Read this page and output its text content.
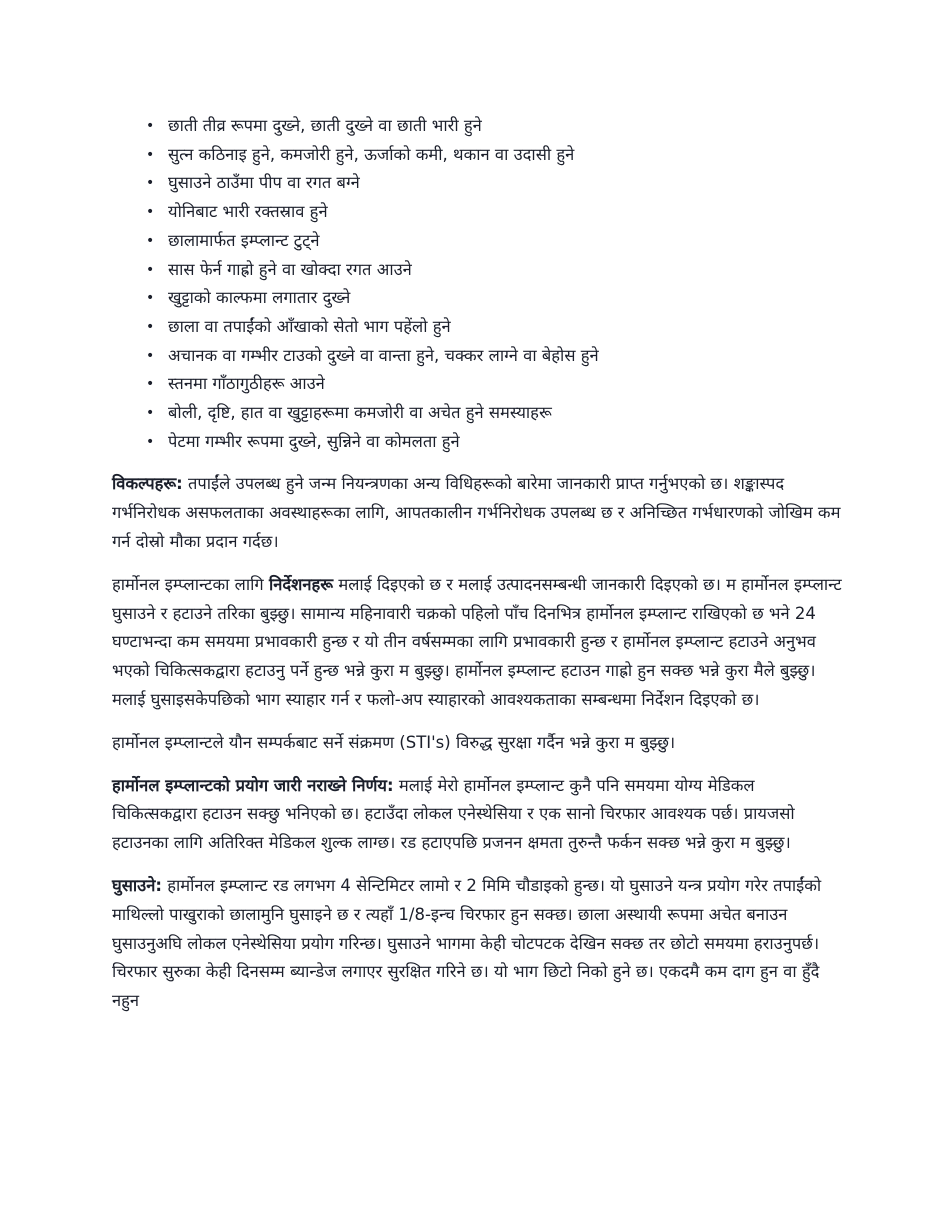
• छाती तीव्र रूपमा दुख्ने, छाती दुख्ने वा छाती भारी हुने
• सुत्न कठिनाइ हुने, कमजोरी हुने, ऊर्जाको कमी, थकान वा उदासी हुने
• घुसाउने ठाउँमा पीप वा रगत बग्ने
• योनिबाट भारी रक्तस्राव हुने
• छालामार्फत इम्प्लान्ट टुट्ने
• सास फेर्न गाह्रो हुने वा खोक्दा रगत आउने
• खुट्टाको काल्फमा लगातार दुख्ने
• छाला वा तपाईंको आँखाको सेतो भाग पहेंलो हुने
• अचानक वा गम्भीर टाउको दुख्ने वा वान्ता हुने, चक्कर लाग्ने वा बेहोस हुने
• स्तनमा गाँठागुठीहरू आउने
• बोली, दृष्टि, हात वा खुट्टाहरूमा कमजोरी वा अचेत हुने समस्याहरू
• पेटमा गम्भीर रूपमा दुख्ने, सुन्निने वा कोमलता हुने

विकल्पहरू: तपाईंले उपलब्ध हुने जन्म नियन्त्रणका अन्य विधिहरूको बारेमा जानकारी प्राप्त गर्नुभएको छ। शङ्कास्पद गर्भनिरोधक असफलताका अवस्थाहरूका लागि, आपतकालीन गर्भनिरोधक उपलब्ध छ र अनिच्छित गर्भधारणको जोखिम कम गर्न दोस्रो मौका प्रदान गर्दछ।

हार्मोनल इम्प्लान्टका लागि निर्देशनहरू मलाई दिइएको छ र मलाई उत्पादनसम्बन्धी जानकारी दिइएको छ। म हार्मोनल इम्प्लान्ट घुसाउने र हटाउने तरिका बुझ्छु। सामान्य महिनावारी चक्रको पहिलो पाँच दिनभित्र हार्मोनल इम्प्लान्ट राखिएको छ भने 24 घण्टाभन्दा कम समयमा प्रभावकारी हुन्छ र यो तीन वर्षसम्मका लागि प्रभावकारी हुन्छ र हार्मोनल इम्प्लान्ट हटाउने अनुभव भएको चिकित्सकद्वारा हटाउनु पर्ने हुन्छ भन्ने कुरा म बुझ्छु। हार्मोनल इम्प्लान्ट हटाउन गाह्रो हुन सक्छ भन्ने कुरा मैले बुझ्छु। मलाई घुसाइसकेपछिको भाग स्याहार गर्न र फलो-अप स्याहारको आवश्यकताका सम्बन्धमा निर्देशन दिइएको छ।

हार्मोनल इम्प्लान्टले यौन सम्पर्कबाट सर्ने संक्रमण (STI's) विरुद्ध सुरक्षा गर्दैन भन्ने कुरा म बुझ्छु।

हार्मोनल इम्प्लान्टको प्रयोग जारी नराख्ने निर्णय: मलाई मेरो हार्मोनल इम्प्लान्ट कुनै पनि समयमा योग्य मेडिकल चिकित्सकद्वारा हटाउन सक्छु भनिएको छ। हटाउँदा लोकल एनेस्थेसिया र एक सानो चिरफार आवश्यक पर्छ। प्रायजसो हटाउनका लागि अतिरिक्त मेडिकल शुल्क लाग्छ। रड हटाएपछि प्रजनन क्षमता तुरुन्तै फर्कन सक्छ भन्ने कुरा म बुझ्छु।

घुसाउने: हार्मोनल इम्प्लान्ट रड लगभग 4 सेन्टिमिटर लामो र 2 मिमि चौडाइको हुन्छ। यो घुसाउने यन्त्र प्रयोग गरेर तपाईंको माथिल्लो पाखुराको छालामुनि घुसाइने छ र त्यहाँ 1/8-इन्च चिरफार हुन सक्छ। छाला अस्थायी रूपमा अचेत बनाउन घुसाउनुअघि लोकल एनेस्थेसिया प्रयोग गरिन्छ। घुसाउने भागमा केही चोटपटक देखिन सक्छ तर छोटो समयमा हराउनुपर्छ। चिरफार सुरुका केही दिनसम्म ब्यान्डेज लगाएर सुरक्षित गरिने छ। यो भाग छिटो निको हुने छ। एकदमै कम दाग हुन वा हुँदै नहुन
